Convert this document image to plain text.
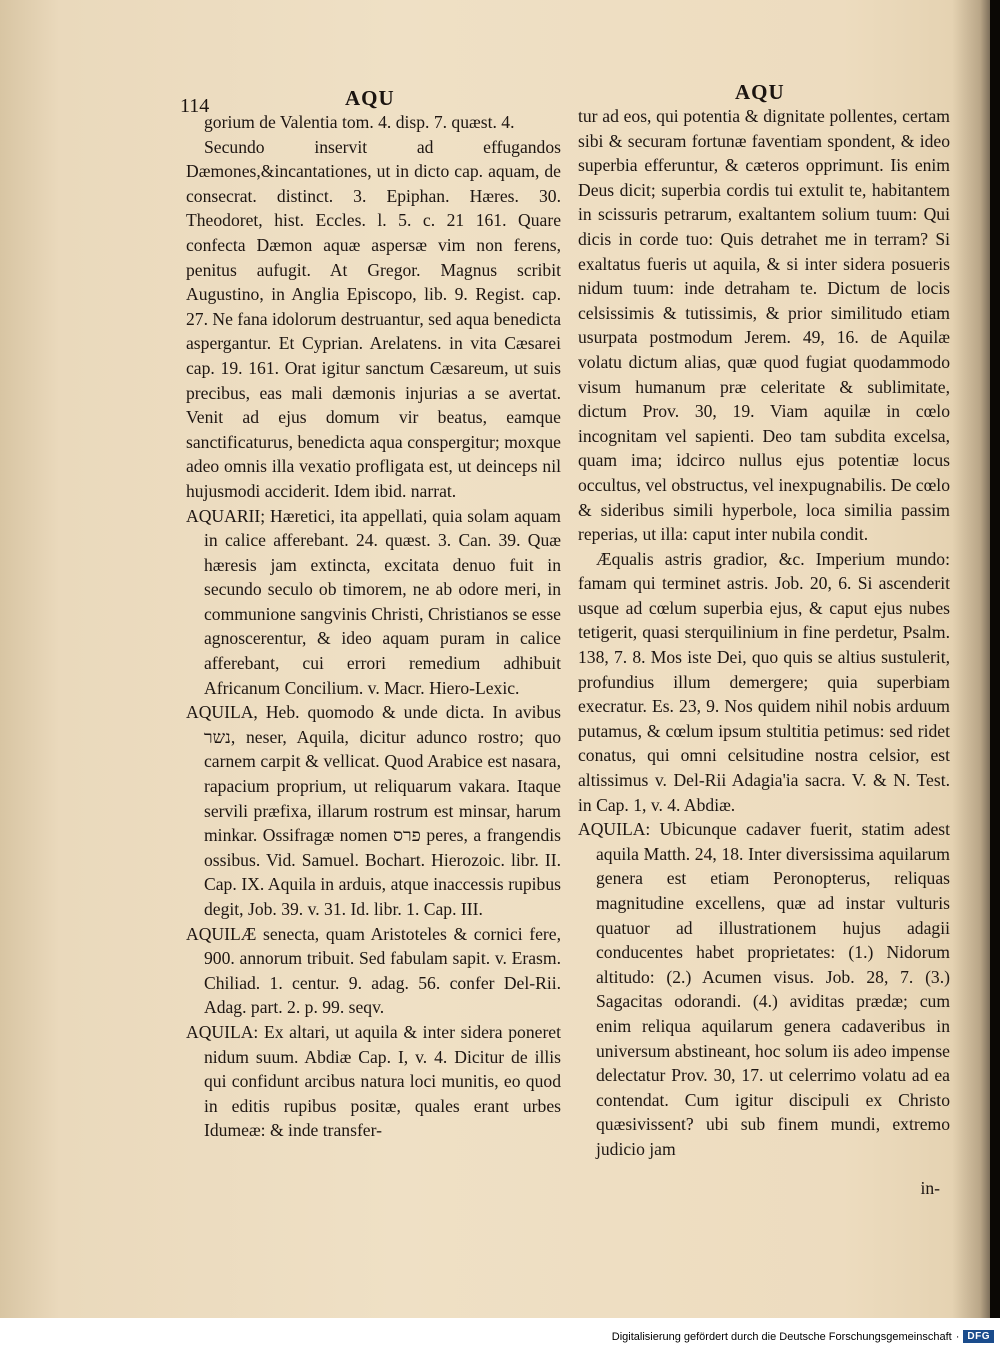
114	AQU	AQU

gorium de Valentia tom. 4. disp. 7. quæst. 4.

Secundo inservit ad effugandos Dæmones,&incantationes, ut in dicto cap. aquam, de consecrat. distinct. 3. Epiphan. Hæres. 30. Theodoret, hist. Eccles. l. 5. c. 21 161. Quare confecta Dæmon aquæ aspersæ vim non ferens, penitus aufugit. At Gregor. Magnus scribit Augustino, in Anglia Episcopo, lib. 9. Regist. cap. 27. Ne fana idolorum destruantur, sed aqua benedicta aspergantur. Et Cyprian. Arelatens. in vita Cæsarei cap. 19. 161. Orat igitur sanctum Cæsareum, ut suis precibus, eas mali dæmonis injurias a se avertat. Venit ad ejus domum vir beatus, eamque sanctificaturus, benedicta aqua conspergitur; moxque adeo omnis illa vexatio profligata est, ut deinceps nil hujusmodi acciderit. Idem ibid. narrat.

AQUARII; Hæretici, ita appellati, quia solam aquam in calice afferebant. 24. quæst. 3. Can. 39. Quæ hæresis jam extincta, excitata denuo fuit in secundo seculo ob timorem, ne ab odore meri, in communione sangvinis Christi, Christianos se esse agnoscerentur, & ideo aquam puram in calice afferebant, cui errori remedium adhibuit Africanum Concilium. v. Macr. Hiero-Lexic.

AQUILA, Heb. quomodo & unde dicta. In avibus נשר, neser, Aquila, dicitur adunco rostro; quo carnem carpit & vellicat. Quod Arabice est nasara, rapacium proprium, ut reliquarum vakara. Itaque servili præfixa, illarum rostrum est minsar, harum minkar. Ossifragæ nomen פרס peres, a frangendis ossibus. Vid. Samuel. Bochart. Hierozoic. libr. II. Cap. IX. Aquila in arduis, atque inaccessis rupibus degit, Job. 39. v. 31. Id. libr. 1. Cap. III.

AQUILÆ senecta, quam Aristoteles & cornici fere, 900. annorum tribuit. Sed fabulam sapit. v. Erasm. Chiliad. 1. centur. 9. adag. 56. confer Del-Rii. Adag. part. 2. p. 99. seqv.

AQUILA: Ex altari, ut aquila & inter sidera poneret nidum suum. Abdiæ Cap. I, v. 4. Dicitur de illis qui confidunt arcibus natura loci munitis, eo quod in editis rupibus positæ, quales erant urbes Idumeæ: & inde transfer-

tur ad eos, qui potentia & dignitate pollentes, certam sibi & securam fortunæ faventiam spondent, & ideo superbia efferuntur, & cæteros opprimunt. Iis enim Deus dicit; superbia cordis tui extulit te, habitantem in scissuris petrarum, exaltantem solium tuum: Qui dicis in corde tuo: Quis detrahet me in terram? Si exaltatus fueris ut aquila, & si inter sidera posueris nidum tuum: inde detraham te. Dictum de locis celsissimis & tutissimis, & prior similitudo etiam usurpata postmodum Jerem. 49, 16. de Aquilæ volatu dictum alias, quæ quod fugiat quodammodo visum humanum præ celeritate & sublimitate, dictum Prov. 30, 19. Viam aquilæ in cœlo incognitam vel sapienti. Deo tam subdita excelsa, quam ima; idcirco nullus ejus potentiæ locus occultus, vel obstructus, vel inexpugnabilis. De cœlo & sideribus simili hyperbole, loca similia passim reperias, ut illa: caput inter nubila condit.

Æqualis astris gradior, &c. Imperium mundo: famam qui terminet astris. Job. 20, 6. Si ascenderit usque ad cœlum superbia ejus, & caput ejus nubes tetigerit, quasi sterquilinium in fine perdetur, Psalm. 138, 7. 8. Mos iste Dei, quo quis se altius sustulerit, profundius illum demergere; quia superbiam execratur. Es. 23, 9. Nos quidem nihil nobis arduum putamus, & cœlum ipsum stultitia petimus: sed ridet conatus, qui omni celsitudine nostra celsior, est altissimus v. Del-Rii Adagia'ia sacra. V. & N. Test. in Cap. 1, v. 4. Abdiæ.

AQUILA: Ubicunque cadaver fuerit, statim adest aquila Matth. 24, 18. Inter diversissima aquilarum genera est etiam Peronopterus, reliquas magnitudine excellens, quæ ad instar vulturis quatuor ad illustrationem hujus adagii conducentes habet proprietates: (1.) Nidorum altitudo: (2.) Acumen visus. Job. 28, 7. (3.) Sagacitas odorandi. (4.) aviditas prædæ; cum enim reliqua aquilarum genera cadaveribus in universum abstineant, hoc solum iis adeo impense delectatur Prov. 30, 17. ut celerrimo volatu ad ea contendat. Cum igitur discipuli ex Christo quæsivissent? ubi sub finem mundi, extremo judicio jam

in-
Digitalisierung gefördert durch die Deutsche Forschungsgemeinschaft · DFG
